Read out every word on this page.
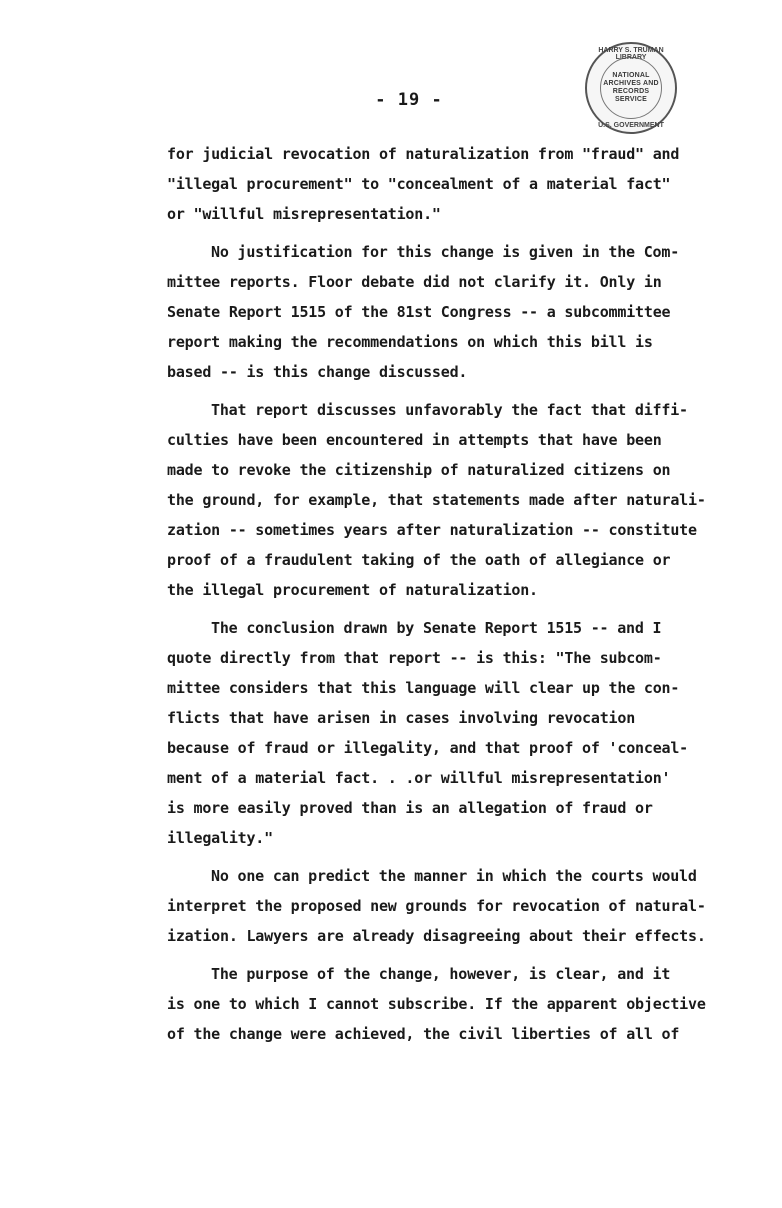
HARRY S. TRUMAN LIBRARY
NATIONAL
ARCHIVES AND
RECORDS
SERVICE
U.S. GOVERNMENT
- 19 -
for judicial revocation of naturalization from "fraud" and
"illegal procurement" to "concealment of a material fact"
or "willful misrepresentation."
No justification for this change is given in the Com-
mittee reports. Floor debate did not clarify it. Only in
Senate Report 1515 of the 81st Congress -- a subcommittee
report making the recommendations on which this bill is
based -- is this change discussed.
That report discusses unfavorably the fact that diffi-
culties have been encountered in attempts that have been
made to revoke the citizenship of naturalized citizens on
the ground, for example, that statements made after naturali-
zation -- sometimes years after naturalization -- constitute
proof of a fraudulent taking of the oath of allegiance or
the illegal procurement of naturalization.
The conclusion drawn by Senate Report 1515 -- and I
quote directly from that report -- is this: "The subcom-
mittee considers that this language will clear up the con-
flicts that have arisen in cases involving revocation
because of fraud or illegality, and that proof of 'conceal-
ment of a material fact. . .or willful misrepresentation'
is more easily proved than is an allegation of fraud or
illegality."
No one can predict the manner in which the courts would
interpret the proposed new grounds for revocation of natural-
ization. Lawyers are already disagreeing about their effects.
The purpose of the change, however, is clear, and it
is one to which I cannot subscribe. If the apparent objective
of the change were achieved, the civil liberties of all of
